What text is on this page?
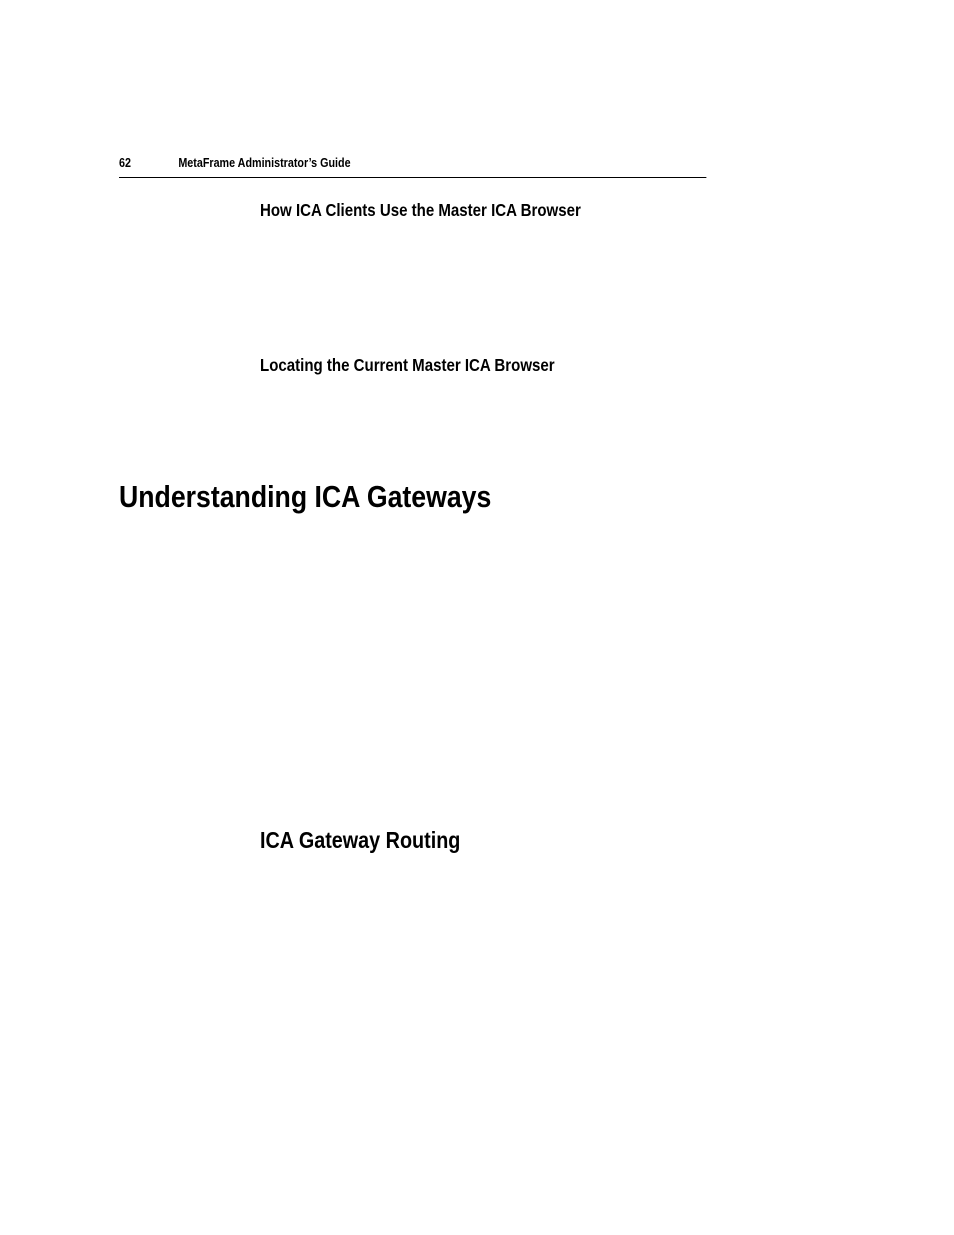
62	MetaFrame Administrator’s Guide
How ICA Clients Use the Master ICA Browser
Locating the Current Master ICA Browser
Understanding ICA Gateways
ICA Gateway Routing
